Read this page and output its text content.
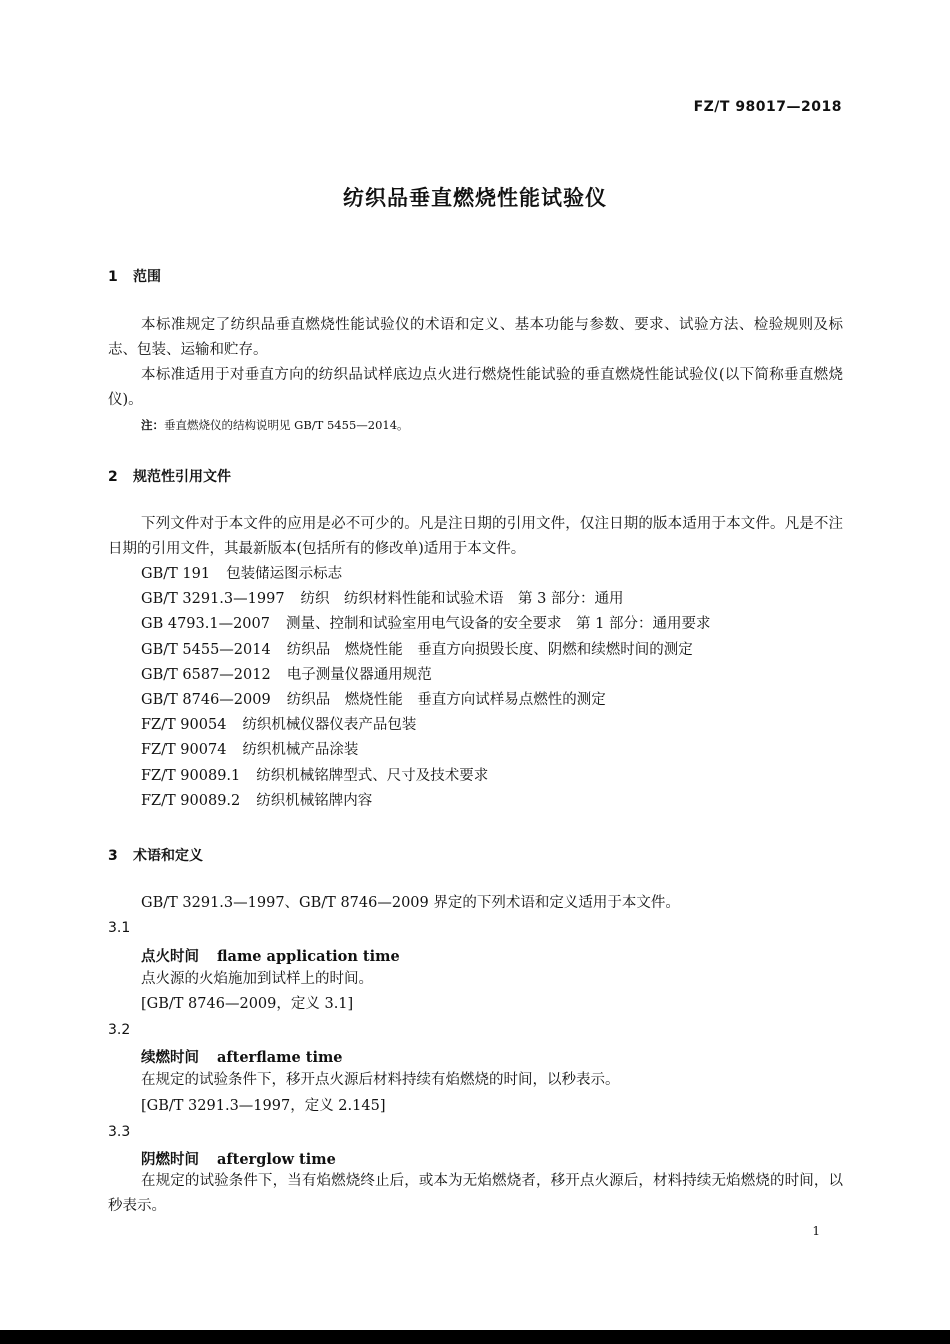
FZ/T 98017—2018
纺织品垂直燃烧性能试验仪
1 范围
本标准规定了纺织品垂直燃烧性能试验仪的术语和定义、基本功能与参数、要求、试验方法、检验规则及标志、包装、运输和贮存。
本标准适用于对垂直方向的纺织品试样底边点火进行燃烧性能试验的垂直燃烧性能试验仪(以下简称垂直燃烧仪)。
注：垂直燃烧仪的结构说明见 GB/T 5455—2014。
2 规范性引用文件
下列文件对于本文件的应用是必不可少的。凡是注日期的引用文件，仅注日期的版本适用于本文件。凡是不注日期的引用文件，其最新版本(包括所有的修改单)适用于本文件。
GB/T 191 包装储运图示标志
GB/T 3291.3—1997 纺织　纺织材料性能和试验术语　第 3 部分：通用
GB 4793.1—2007 测量、控制和试验室用电气设备的安全要求　第 1 部分：通用要求
GB/T 5455—2014 纺织品　燃烧性能　垂直方向损毁长度、阴燃和续燃时间的测定
GB/T 6587—2012 电子测量仪器通用规范
GB/T 8746—2009 纺织品　燃烧性能　垂直方向试样易点燃性的测定
FZ/T 90054 纺织机械仪器仪表产品包装
FZ/T 90074 纺织机械产品涂装
FZ/T 90089.1 纺织机械铭牌型式、尺寸及技术要求
FZ/T 90089.2 纺织机械铭牌内容
3 术语和定义
GB/T 3291.3—1997、GB/T 8746—2009 界定的下列术语和定义适用于本文件。
3.1
点火时间 flame application time
点火源的火焰施加到试样上的时间。
[GB/T 8746—2009，定义 3.1]
3.2
续燃时间 afterflame time
在规定的试验条件下，移开点火源后材料持续有焰燃烧的时间，以秒表示。
[GB/T 3291.3—1997，定义 2.145]
3.3
阴燃时间 afterglow time
在规定的试验条件下，当有焰燃烧终止后，或本为无焰燃烧者，移开点火源后，材料持续无焰燃烧的时间，以秒表示。
1
